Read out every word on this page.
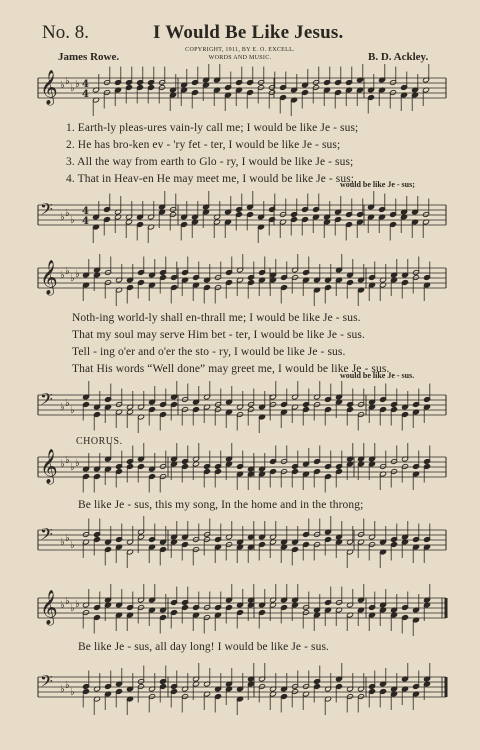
No. 8.	I Would Be Like Jesus.
COPYRIGHT, 1911, BY E. O. EXCELL.
WORDS AND MUSIC.
James Rowe.	B. D. Ackley.
𝄞 ♭ ♭
♭ ♭
𝄢 ♭ ♭
♭
4
4
4
4
𝄞 ♭ ♭
♭ ♭
𝄢 ♭ ♭
♭
𝄞 ♭ ♭
♭ ♭
𝄢 ♭ ♭
♭
𝄞 ♭ ♭
♭ ♭
𝄢 ♭ ♭
♭
1. Earth-ly pleas-ures vain-ly call me; I would be like Je - sus;
2. He has bro-ken ev - 'ry fet - ter, I would be like Je - sus;
3. All the way from earth to Glo - ry, I would be like Je - sus;
4. That in Heav-en He may meet me, I would be like Je - sus;
would be like Je - sus;
Noth-ing world-ly shall en-thrall me; I would be like Je - sus.
That my soul may serve Him bet - ter, I would be like Je - sus.
Tell - ing o'er and o'er the sto - ry, I would be like Je - sus.
That His words “Well done” may greet me, I would be like Je - sus.
would be like Je - sus.
CHORUS.
Be like Je - sus, this my song, In the home and in the throng;
Be like Je - sus, all day long! I would be like Je - sus.
